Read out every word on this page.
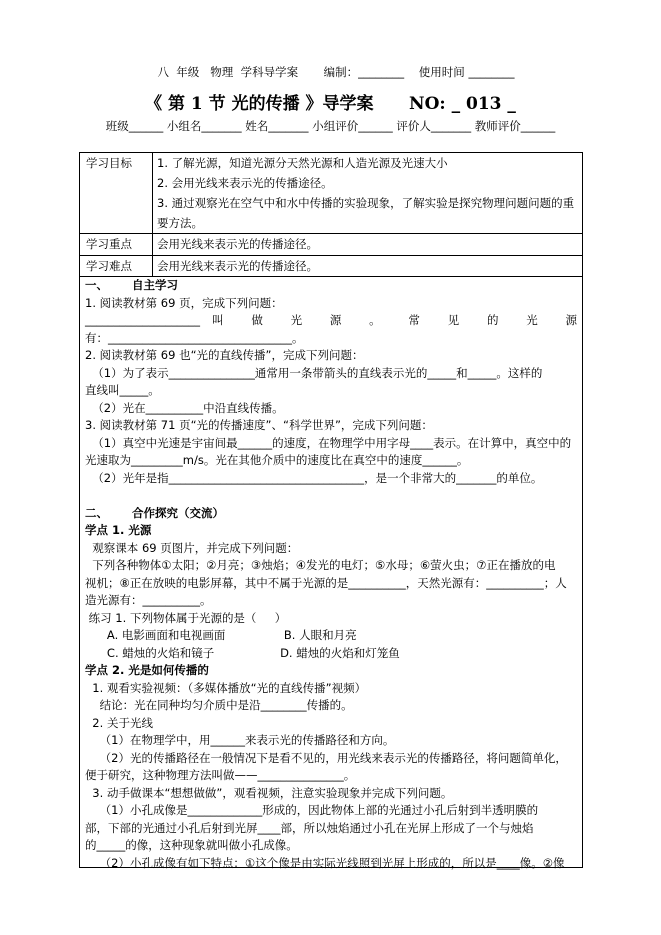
八  年级   物理  学科导学案       编制：________    使用时间 ________
《 第 1 节 光的传播 》导学案      NO: _ 013 _
班级______ 小组名_______ 姓名_______ 小组评价______ 评价人_______ 教师评价______
学习目标	1. 了解光源，知道光源分天然光源和人造光源及光速大小
2. 会用光线来表示光的传播途径。
3. 通过观察光在空气中和水中传播的实验现象，了解实验是探究物理问题问题的重要方法。

学习重点	会用光线来表示光的传播途径。
学习难点	会用光线来表示光的传播途径。
一、      自主学习
1. 阅读教材第 69 页，完成下列问题：
____________________叫 做 光 源 。 常 见 的 光 源
有：________________________________。
2. 阅读教材第 69 也“光的直线传播”，完成下列问题：
（1）为了表示_______________通常用一条带箭头的直线表示光的_____和_____。这样的
直线叫_____。
（2）光在__________中沿直线传播。
3. 阅读教材第 71 页“光的传播速度”、“科学世界”，完成下列问题：
（1）真空中光速是宇宙间最______的速度，在物理学中用字母____表示。在计算中，真空中的
光速取为_________m/s。光在其他介质中的速度比在真空中的速度______。
（2）光年是指__________________________________，是一个非常大的_______的单位。
二、      合作探究（交流）
学点 1. 光源
观察课本 69 页图片，并完成下列问题：
下列各种物体①太阳；②月亮；③烛焰；④发光的电灯；⑤水母；⑥萤火虫；⑦正在播放的电
视机；⑧正在放映的电影屏幕，其中不属于光源的是__________，天然光源有：__________；人
造光源有：__________。
练习 1. 下列物体属于光源的是（     ）
A. 电影画面和电视画面                B. 人眼和月亮
C. 蜡烛的火焰和镜子                  D. 蜡烛的火焰和灯笼鱼
学点 2. 光是如何传播的
1. 观看实验视频：（多媒体播放“光的直线传播”视频）
结论：光在同种均匀介质中是沿________传播的。
2. 关于光线
（1）在物理学中，用______来表示光的传播路径和方向。
（2）光的传播路径在一般情况下是看不见的，用光线来表示光的传播路径，将问题简单化，
便于研究，这种物理方法叫做——_______________。
3. 动手做课本“想想做做”，观看视频，注意实验现象并完成下列问题。
（1）小孔成像是_____________形成的，因此物体上部的光通过小孔后射到半透明膜的
部，下部的光通过小孔后射到光屏____部，所以烛焰通过小孔在光屏上形成了一个与烛焰
的_____的像，这种现象就叫做小孔成像。
（2）小孔成像有如下特点：①这个像是由实际光线照到光屏上形成的，所以是____像。②像
